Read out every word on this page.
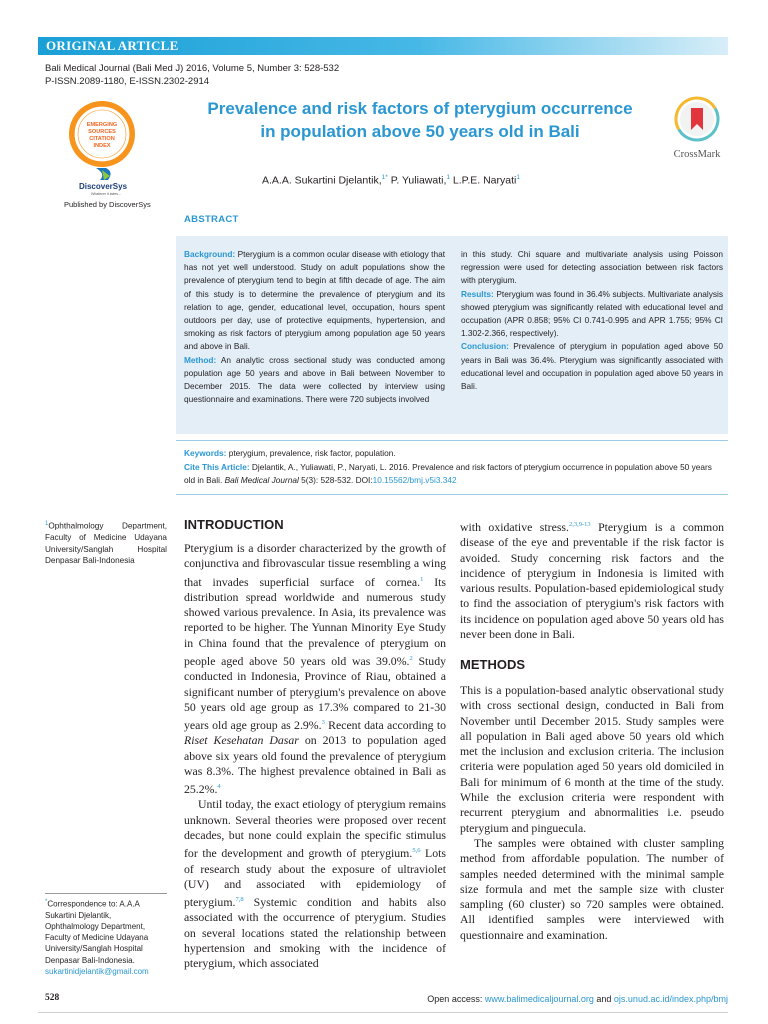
ORIGINAL ARTICLE
Bali Medical Journal (Bali Med J) 2016, Volume 5, Number 3: 528-532
P-ISSN.2089-1180, E-ISSN.2302-2914
EMERGING
SOURCES
CITATION
INDEX
DiscoverSys
Whatever it takes...
Published by DiscoverSys
Prevalence and risk factors of pterygium occurrence
in population above 50 years old in Bali
CrossMark
A.A.A. Sukartini Djelantik,$^{1*}$ P. Yuliawati,$^1$ L.P.E. Naryati$^1$
ABSTRACT
Background: Pterygium is a common ocular disease with etiology that has not yet well understood. Study on adult populations show the prevalence of pterygium tend to begin at fifth decade of age. The aim of this study is to determine the prevalence of pterygium and its relation to age, gender, educational level, occupation, hours spent outdoors per day, use of protective equipments, hypertension, and smoking as risk factors of pterygium among population age 50 years and above in Bali.
Method: An analytic cross sectional study was conducted among population age 50 years and above in Bali between November to December 2015. The data were collected by interview using questionnaire and examinations. There were 720 subjects involved

in this study. Chi square and multivariate analysis using Poisson regression were used for detecting association between risk factors with pterygium.

Results: Pterygium was found in 36.4% subjects. Multivariate analysis showed pterygium was significantly related with educational level and occupation (APR 0.858; 95% CI 0.741-0.995 and APR 1.755; 95% CI 1.302-2.366, respectively).

Conclusion: Prevalence of pterygium in population aged above 50 years in Bali was 36.4%. Pterygium was significantly associated with educational level and occupation in population aged above 50 years in Bali.

Keywords: pterygium, prevalence, risk factor, population.
Cite This Article: Djelantik, A., Yuliawati, P., Naryati, L. 2016. Prevalence and risk factors of pterygium occurrence in population above 50 years old in Bali. Bali Medical Journal 5(3): 528-532. DOI:10.15562/bmj.v5i3.342
$^1$Ophthalmology Department, Faculty of Medicine Udayana University/Sanglah Hospital Denpasar Bali-Indonesia
INTRODUCTION

Pterygium is a disorder characterized by the growth of conjunctiva and fibrovascular tissue resembling a wing that invades superficial surface of cornea.$^1$ Its distribution spread worldwide and numerous study showed various prevalence. In Asia, its prevalence was reported to be higher. The Yunnan Minority Eye Study in China found that the prevalence of pterygium on people aged above 50 years old was 39.0%.$^2$ Study conducted in Indonesia, Province of Riau, obtained a significant number of pterygium's prevalence on above 50 years old age group as 17.3% compared to 21-30 years old age group as 2.9%.$^3$ Recent data according to Riset Kesehatan Dasar on 2013 to population aged above six years old found the prevalence of pterygium was 8.3%. The highest prevalence obtained in Bali as 25.2%.$^4$

Until today, the exact etiology of pterygium remains unknown. Several theories were proposed over recent decades, but none could explain the specific stimulus for the development and growth of pterygium.$^{5,6}$ Lots of research study about the exposure of ultraviolet (UV) and associated with epidemiology of pterygium.$^{7,8}$ Systemic condition and habits also associated with the occurrence of pterygium. Studies on several locations stated the relationship between hypertension and smoking with the incidence of pterygium, which associated

with oxidative stress.$^{2,3,9-13}$ Pterygium is a common disease of the eye and preventable if the risk factor is avoided. Study concerning risk factors and the incidence of pterygium in Indonesia is limited with various results. Population-based epidemiological study to find the association of pterygium's risk factors with its incidence on population aged above 50 years old has never been done in Bali.

METHODS

This is a population-based analytic observational study with cross sectional design, conducted in Bali from November until December 2015. Study samples were all population in Bali aged above 50 years old which met the inclusion and exclusion criteria. The inclusion criteria were population aged 50 years old domiciled in Bali for minimum of 6 month at the time of the study. While the exclusion criteria were respondent with recurrent pterygium and abnormalities i.e. pseudo pterygium and pinguecula.

The samples were obtained with cluster sampling method from affordable population. The number of samples needed determined with the minimal sample size formula and met the sample size with cluster sampling (60 cluster) so 720 samples were obtained. All identified samples were interviewed with questionnaire and examination.

*Correspondence to: A.A.A Sukartini Djelantik, Ophthalmology Department, Faculty of Medicine Udayana University/Sanglah Hospital Denpasar Bali-Indonesia.
sukartinidjelantik@gmail.com
528	Open access: www.balimedicaljournal.org and ojs.unud.ac.id/index.php/bmj
